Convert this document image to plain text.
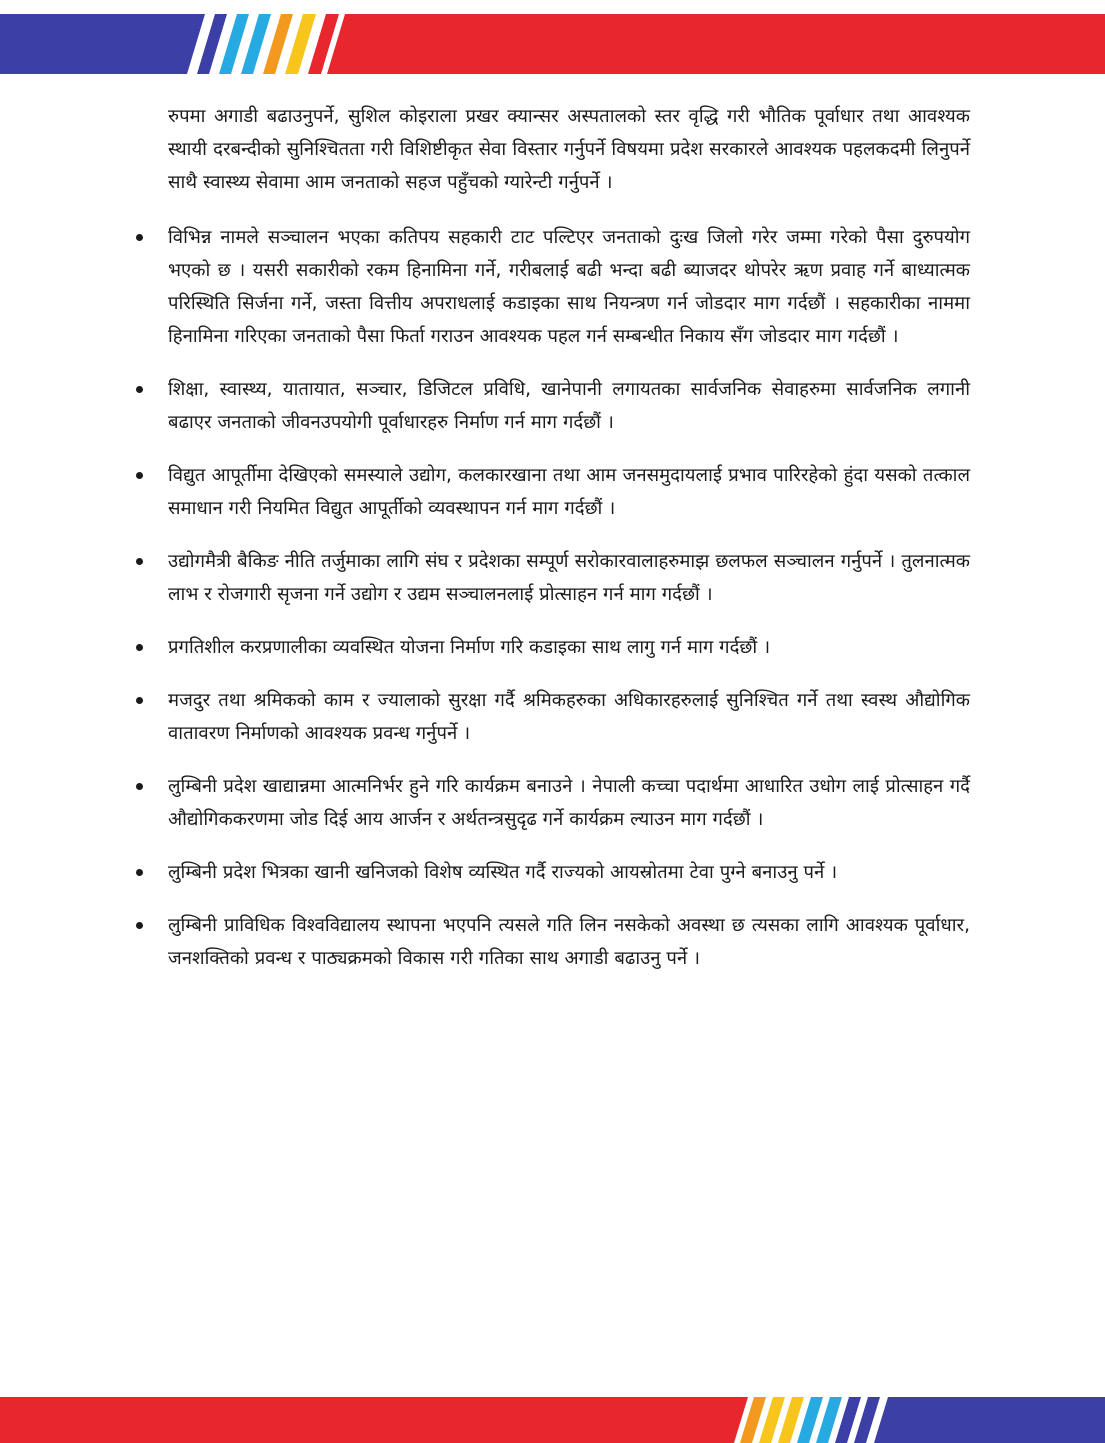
रुपमा अगाडी बढाउनुपर्ने, सुशिल कोइराला प्रखर क्यान्सर अस्पतालको स्तर वृद्धि गरी भौतिक पूर्वाधार तथा आवश्यक स्थायी दरबन्दीको सुनिश्चितता गरी विशिष्टीकृत सेवा विस्तार गर्नुपर्ने विषयमा प्रदेश सरकारले आवश्यक पहलकदमी लिनुपर्ने साथै स्वास्थ्य सेवामा आम जनताको सहज पहुँचको ग्यारेन्टी गर्नुपर्ने ।

विभिन्न नामले सञ्चालन भएका कतिपय सहकारी टाट पल्टिएर जनताको दुःख जिलो गरेर जम्मा गरेको पैसा दुरुपयोग भएको छ । यसरी सकारीको रकम हिनामिना गर्ने, गरीबलाई बढी भन्दा बढी ब्याजदर थोपरेर ऋण प्रवाह गर्ने बाध्यात्मक परिस्थिति सिर्जना गर्ने, जस्ता वित्तीय अपराधलाई कडाइका साथ नियन्त्रण गर्न जोडदार माग गर्दछौं । सहकारीका नाममा हिनामिना गरिएका जनताको पैसा फिर्ता गराउन आवश्यक पहल गर्न सम्बन्धीत निकाय सँग जोडदार माग गर्दछौं ।
शिक्षा, स्वास्थ्य, यातायात, सञ्चार, डिजिटल प्रविधि, खानेपानी लगायतका सार्वजनिक सेवाहरुमा सार्वजनिक लगानी बढाएर जनताको जीवनउपयोगी पूर्वाधारहरु निर्माण गर्न माग गर्दछौं ।
विद्युत आपूर्तीमा देखिएको समस्याले उद्योग, कलकारखाना तथा आम जनसमुदायलाई प्रभाव पारिरहेको हुंदा यसको तत्काल समाधान गरी नियमित विद्युत आपूर्तीको व्यवस्थापन गर्न माग गर्दछौं ।
उद्योगमैत्री बैकिङ नीति तर्जुमाका लागि संघ र प्रदेशका सम्पूर्ण सरोकारवालाहरुमाझ छलफल सञ्चालन गर्नुपर्ने । तुलनात्मक लाभ र रोजगारी सृजना गर्ने उद्योग र उद्यम सञ्चालनलाई प्रोत्साहन गर्न माग गर्दछौं ।
प्रगतिशील करप्रणालीका व्यवस्थित योजना निर्माण गरि कडाइका साथ लागु गर्न माग गर्दछौं ।
मजदुर तथा श्रमिकको काम र ज्यालाको सुरक्षा गर्दै श्रमिकहरुका अधिकारहरुलाई सुनिश्चित गर्ने तथा स्वस्थ औद्योगिक वातावरण निर्माणको आवश्यक प्रवन्ध गर्नुपर्ने ।
लुम्बिनी प्रदेश खाद्यान्नमा आत्मनिर्भर हुने गरि कार्यक्रम बनाउने । नेपाली कच्चा पदार्थमा आधारित उधोग लाई प्रोत्साहन गर्दै औद्योगिककरणमा जोड दिई आय आर्जन र अर्थतन्त्रसुदृढ गर्ने कार्यक्रम ल्याउन माग गर्दछौं ।
लुम्बिनी प्रदेश भित्रका खानी खनिजको विशेष व्यस्थित गर्दै राज्यको आयस्रोतमा टेवा पुग्ने बनाउनु पर्ने ।
लुम्बिनी प्राविधिक विश्वविद्यालय स्थापना भएपनि त्यसले गति लिन नसकेको अवस्था छ त्यसका लागि आवश्यक पूर्वाधार, जनशक्तिको प्रवन्ध र पाठ्यक्रमको विकास गरी गतिका साथ अगाडी बढाउनु पर्ने ।
